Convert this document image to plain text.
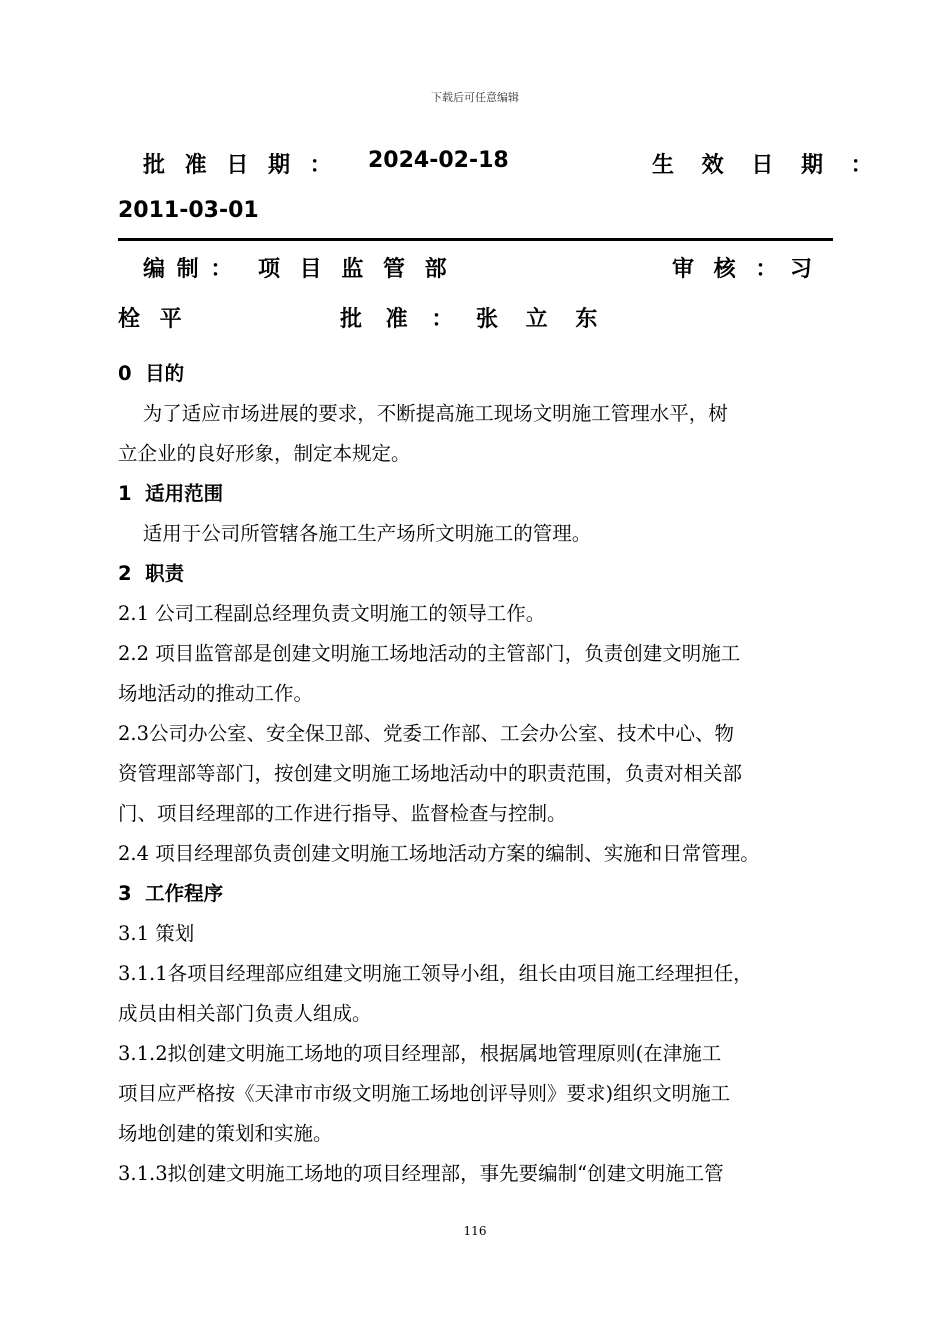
下载后可任意编辑
批 准 日 期 ： 2024-02-18	生 效 日 期 ：
2011-03-01
编 制 ： 项 目 监 管 部	审 核 ： 习
栓 平	批 准 ： 张 立 东
0  目的
为了适应市场进展的要求，不断提高施工现场文明施工管理水平，树
立企业的良好形象，制定本规定。
1  适用范围
适用于公司所管辖各施工生产场所文明施工的管理。
2  职责
2.1 公司工程副总经理负责文明施工的领导工作。
2.2 项目监管部是创建文明施工场地活动的主管部门，负责创建文明施工
场地活动的推动工作。
2.3公司办公室、安全保卫部、党委工作部、工会办公室、技术中心、物
资管理部等部门，按创建文明施工场地活动中的职责范围，负责对相关部
门、项目经理部的工作进行指导、监督检查与控制。
2.4 项目经理部负责创建文明施工场地活动方案的编制、实施和日常管理。
3  工作程序
3.1 策划
3.1.1各项目经理部应组建文明施工领导小组，组长由项目施工经理担任，
成员由相关部门负责人组成。
3.1.2拟创建文明施工场地的项目经理部，根据属地管理原则(在津施工
项目应严格按《天津市市级文明施工场地创评导则》要求)组织文明施工
场地创建的策划和实施。
3.1.3拟创建文明施工场地的项目经理部，事先要编制“创建文明施工管
116
